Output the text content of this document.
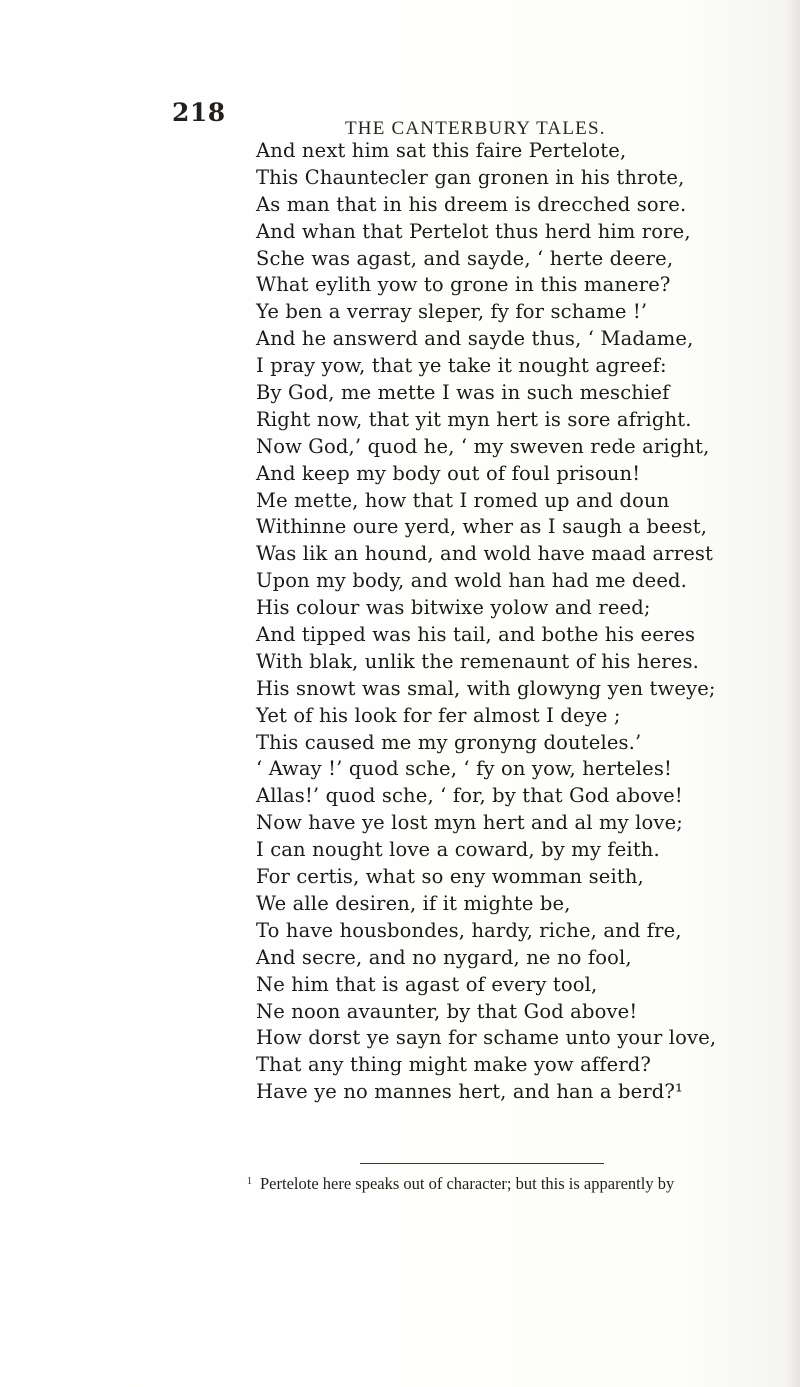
218
THE CANTERBURY TALES.
And next him sat this faire Pertelote,
This Chauntecler gan gronen in his throte,
As man that in his dreem is drecched sore.
And whan that Pertelot thus herd him rore,
Sche was agast, and sayde, ‘ herte deere,
What eylith yow to grone in this manere?
Ye ben a verray sleper, fy for schame !’
And he answerd and sayde thus, ‘ Madame,
I pray yow, that ye take it nought agreef:
By God, me mette I was in such meschief
Right now, that yit myn hert is sore afright.
Now God,’ quod he, ‘ my sweven rede aright,
And keep my body out of foul prisoun!
Me mette, how that I romed up and doun
Withinne oure yerd, wher as I saugh a beest,
Was lik an hound, and wold have maad arrest
Upon my body, and wold han had me deed.
His colour was bitwixe yolow and reed;
And tipped was his tail, and bothe his eeres
With blak, unlik the remenaunt of his heres.
His snowt was smal, with glowyng yen tweye;
Yet of his look for fer almost I deye ;
This caused me my gronyng douteles.’
‘ Away !’ quod sche, ‘ fy on yow, herteles!
Allas!’ quod sche, ‘ for, by that God above!
Now have ye lost myn hert and al my love;
I can nought love a coward, by my feith.
For certis, what so eny womman seith,
We alle desiren, if it mighte be,
To have housbondes, hardy, riche, and fre,
And secre, and no nygard, ne no fool,
Ne him that is agast of every tool,
Ne noon avaunter, by that God above!
How dorst ye sayn for schame unto your love,
That any thing might make yow afferd?
Have ye no mannes hert, and han a berd?¹
$^1$ Pertelote here speaks out of character; but this is apparently by
